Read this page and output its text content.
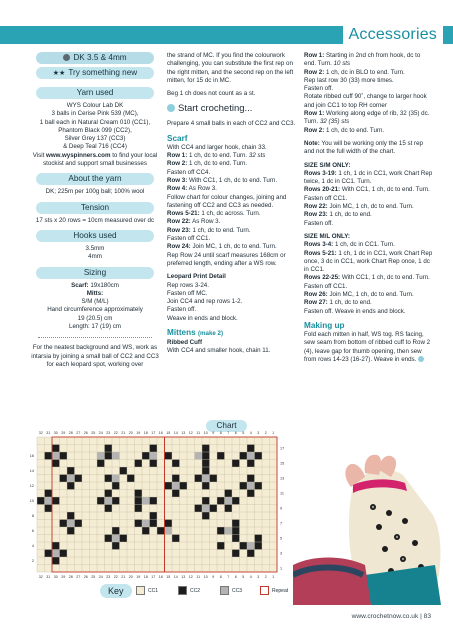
Accessories
DK 3.5 & 4mm
★★ Try something new
Yarn used
WYS Colour Lab DK
3 balls in Cerise Pink 539 (MC),
1 ball each in Natural Cream 010 (CC1),
Phantom Black 099 (CC2),
Silver Grey 137 (CC3)
& Deep Teal 716 (CC4)
Visit www.wyspinners.com to find your local stockist and support small businesses
About the yarn
DK; 225m per 100g ball; 100% wool
Tension
17 sts x 20 rows = 10cm measured over dc
Hooks used
3.5mm
4mm
Sizing
Scarf: 19x180cm
Mitts:
S/M (M/L)
Hand circumference approximately
19 (20.5) cm
Length: 17 (19) cm
For the neatest background and WS, work as intarsia by joining a small ball of CC2 and CC3 for each leopard spot, working over
the strand of MC. If you find the colourwork challenging, you can substitute the first rep on the right mitten, and the second rep on the left mitten, for 15 dc in MC.
Beg 1 ch does not count as a st.
Start crocheting...
Prepare 4 small balls in each of CC2 and CC3.
Scarf
With CC4 and larger hook, chain 33.
Row 1: 1 ch, dc to end. Turn. 32 sts
Row 2: 1 ch, dc to end. Turn.
Fasten off CC4.
Row 3: With CC1, 1 ch, dc to end. Turn.
Row 4: As Row 3.
Follow chart for colour changes, joining and fastening off CC2 and CC3 as needed.
Rows 5-21: 1 ch, dc across. Turn.
Row 22: As Row 3.
Row 23: 1 ch, dc to end. Turn.
Fasten off CC1.
Row 24: Join MC, 1 ch, dc to end. Turn.
Rep Row 24 until scarf measures 168cm or preferred length, ending after a WS row.
Leopard Print Detail
Rep rows 3-24.
Fasten off MC.
Join CC4 and rep rows 1-2.
Fasten off.
Weave in ends and block.
Mittens (make 2)
Ribbed Cuff
With CC4 and smaller hook, chain 11.
Row 1: Starting in 2nd ch from hook, dc to end. Turn. 10 sts
Row 2: 1 ch, dc in BLO to end. Turn.
Rep last row 30 (33) more times.
Fasten off.
Rotate ribbed cuff 90˚, change to larger hook and join CC1 to top RH corner
Row 1: Working along edge of rib, 32 (35) dc. Turn. 32 (35) sts
Row 2: 1 ch, dc to end. Turn.
Note: You will be working only the 15 st rep and not the full width of the chart.
SIZE S/M ONLY:
Rows 3-19: 1 ch, 1 dc in CC1, work Chart Rep twice, 1 dc in CC1. Turn.
Rows 20-21: With CC1, 1 ch, dc to end. Turn.
Fasten off CC1.
Row 22: Join MC, 1 ch, dc to end. Turn.
Row 23: 1 ch, dc to end.
Fasten off.
SIZE M/L ONLY:
Rows 3-4: 1 ch, dc in CC1. Turn.
Rows 5-21: 1 ch, 1 dc in CC1, work Chart Rep once, 3 dc in CC1, work Chart Rep once, 1 dc in CC1.
Rows 22-25: With CC1, 1 ch, dc to end. Turn.
Fasten off CC1.
Row 26: Join MC, 1 ch, dc to end. Turn.
Row 27: 1 ch, dc to end.
Fasten off. Weave in ends and block.
Making up
Fold each mitten in half, WS tog. RS facing, sew seam from bottom of ribbed cuff to Row 2 (4), leave gap for thumb opening, then sew from rows 14-23 (16-27). Weave in ends.
Chart
32
32
31
31
30
30
29
29
28
28
27
27
26
26
25
25
24
24
23
23
22
22
21
21
20
20
19
19
18
18
17
17
16
16
15
15
14
14
13
13
12
12
11
11
10
10
9
9
8
8
7
7
6
6
5
5
4
4
3
3
2
2
1
1
16
14
12
10
8
6
4
2
17
15
13
11
9
7
5
3
1
Key	CC1	CC2	CC3	Repeat
www.crochetnow.co.uk | 83
